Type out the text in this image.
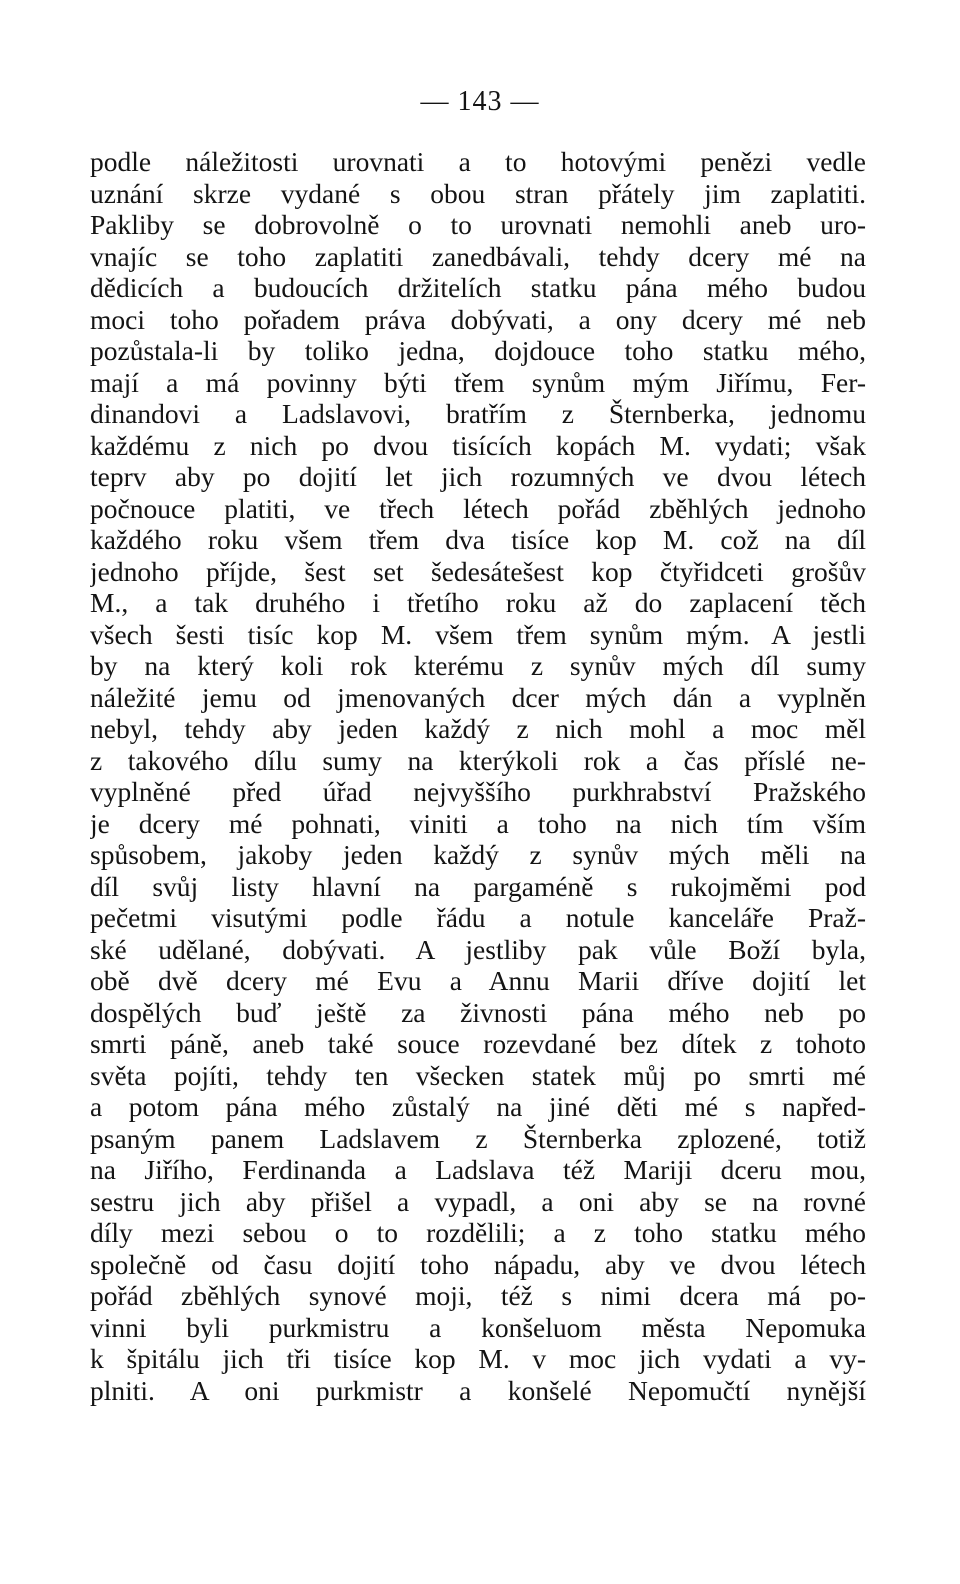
— 143 —
podle náležitosti urovnati a to hotovými penězi vedle
uznání skrze vydané s obou stran přátely jim zaplatiti.
Pakliby se dobrovolně o to urovnati nemohli aneb uro-
vnajíc se toho zaplatiti zanedbávali, tehdy dcery mé na
dědicích a budoucích držitelích statku pána mého budou
moci toho pořadem práva dobývati, a ony dcery mé neb
pozůstala-li by toliko jedna, dojdouce toho statku mého,
mají a má povinny býti třem synům mým Jiřímu, Fer-
dinandovi a Ladslavovi, bratřím z Šternberka, jednomu
každému z nich po dvou tisících kopách M. vydati; však
teprv aby po dojití let jich rozumných ve dvou létech
počnouce platiti, ve třech létech pořád zběhlých jednoho
každého roku všem třem dva tisíce kop M. což na díl
jednoho příjde, šest set šedesátešest kop čtyřidceti grošův
M., a tak druhého i třetího roku až do zaplacení těch
všech šesti tisíc kop M. všem třem synům mým. A jestli
by na který koli rok kterému z synův mých díl sumy
náležité jemu od jmenovaných dcer mých dán a vyplněn
nebyl, tehdy aby jeden každý z nich mohl a moc měl
z takového dílu sumy na kterýkoli rok a čas příslé ne-
vyplněné před úřad nejvyššího purkhrabství Pražského
je dcery mé pohnati, viniti a toho na nich tím vším
spůsobem, jakoby jeden každý z synův mých měli na
díl svůj listy hlavní na pargaméně s rukojměmi pod
pečetmi visutými podle řádu a notule kanceláře Praž-
ské udělané, dobývati. A jestliby pak vůle Boží byla,
obě dvě dcery mé Evu a Annu Marii dříve dojití let
dospělých buď ještě za živnosti pána mého neb po
smrti páně, aneb také souce rozevdané bez dítek z tohoto
světa pojíti, tehdy ten všecken statek můj po smrti mé
a potom pána mého zůstalý na jiné děti mé s napřed-
psaným panem Ladslavem z Šternberka zplozené, totiž
na Jiřího, Ferdinanda a Ladslava též Mariji dceru mou,
sestru jich aby přišel a vypadl, a oni aby se na rovné
díly mezi sebou o to rozdělili; a z toho statku mého
společně od času dojití toho nápadu, aby ve dvou létech
pořád zběhlých synové moji, též s nimi dcera má po-
vinni byli purkmistru a konšeluom města Nepomuka
k špitálu jich tři tisíce kop M. v moc jich vydati a vy-
plniti. A oni purkmistr a konšelé Nepomučtí nynější
